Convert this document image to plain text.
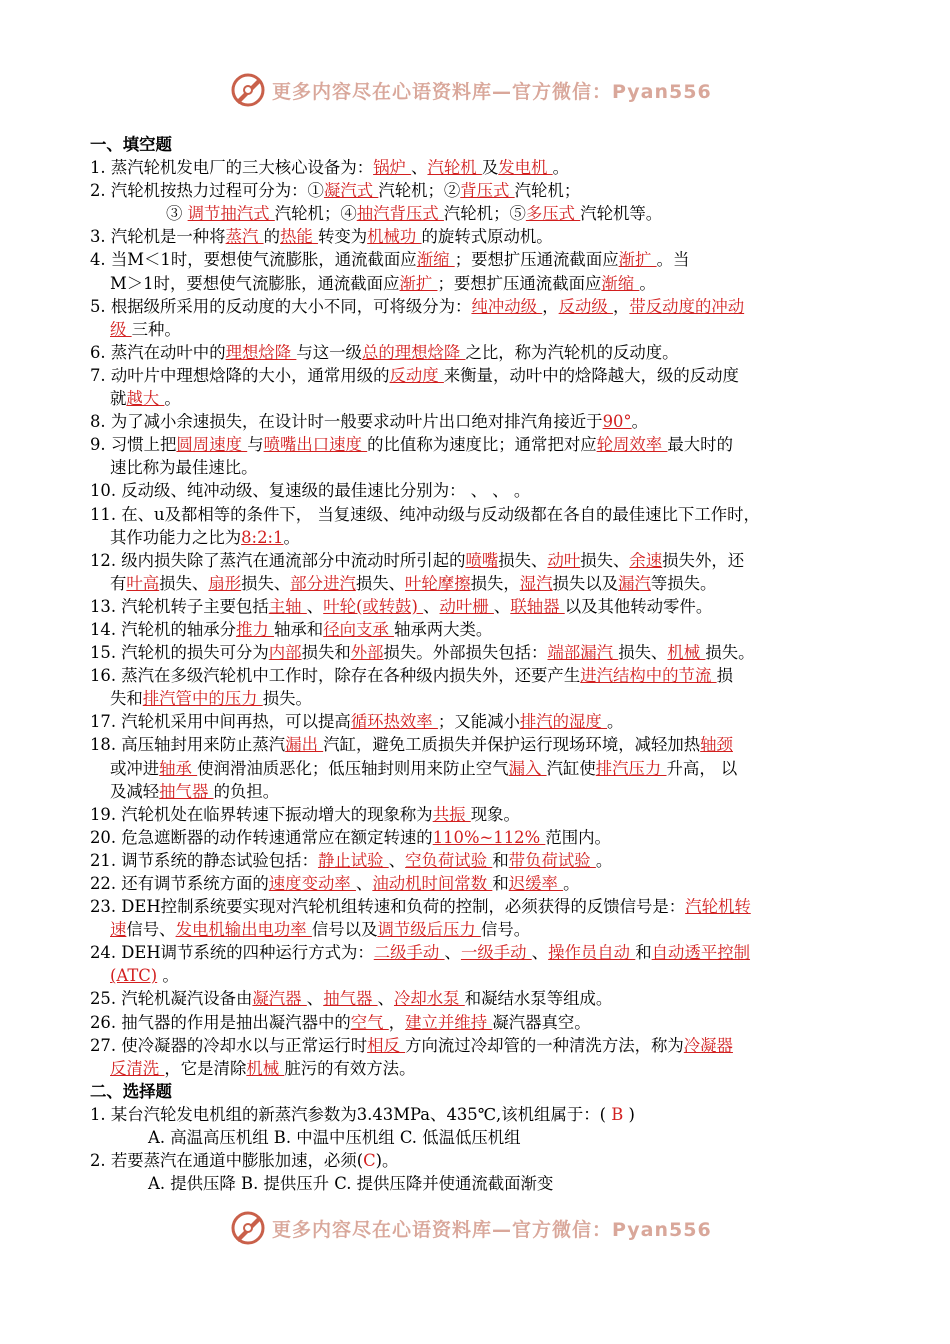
更多内容尽在心语资料库—官方微信：Pyan556
一、填空题
1. 蒸汽轮机发电厂的三大核心设备为：锅炉 、汽轮机 及发电机 。
2. 汽轮机按热力过程可分为：①凝汽式 汽轮机；②背压式 汽轮机；
③ 调节抽汽式 汽轮机；④抽汽背压式 汽轮机；⑤多压式 汽轮机等。
3. 汽轮机是一种将蒸汽 的热能 转变为机械功 的旋转式原动机。
4. 当M＜1时，要想使气流膨胀，通流截面应渐缩 ；要想扩压通流截面应渐扩 。当
M＞1时，要想使气流膨胀，通流截面应渐扩 ；要想扩压通流截面应渐缩 。
5. 根据级所采用的反动度的大小不同，可将级分为：纯冲动级 ，反动级 ，带反动度的冲动
级 三种。
6. 蒸汽在动叶中的理想焓降 与这一级总的理想焓降 之比，称为汽轮机的反动度。
7. 动叶片中理想焓降的大小，通常用级的反动度 来衡量，动叶中的焓降越大，级的反动度
就越大 。
8. 为了减小余速损失，在设计时一般要求动叶片出口绝对排汽角接近于90°。
9. 习惯上把圆周速度 与喷嘴出口速度 的比值称为速度比；通常把对应轮周效率 最大时的
速比称为最佳速比。
10. 反动级、纯冲动级、复速级的最佳速比分别为： 、 、 。
11. 在、u及都相等的条件下， 当复速级、纯冲动级与反动级都在各自的最佳速比下工作时，
其作功能力之比为8:2:1。
12. 级内损失除了蒸汽在通流部分中流动时所引起的喷嘴损失、动叶损失、余速损失外，还
有叶高损失、扇形损失、部分进汽损失、叶轮摩擦损失，湿汽损失以及漏汽等损失。
13. 汽轮机转子主要包括主轴 、叶轮(或转鼓) 、动叶栅 、联轴器 以及其他转动零件。
14. 汽轮机的轴承分推力 轴承和径向支承 轴承两大类。
15. 汽轮机的损失可分为内部损失和外部损失。外部损失包括：端部漏汽 损失、机械 损失。
16. 蒸汽在多级汽轮机中工作时，除存在各种级内损失外，还要产生进汽结构中的节流 损
失和排汽管中的压力 损失。
17. 汽轮机采用中间再热，可以提高循环热效率 ；又能减小排汽的湿度 。
18. 高压轴封用来防止蒸汽漏出 汽缸，避免工质损失并保护运行现场环境，减轻加热轴颈
或冲进轴承 使润滑油质恶化；低压轴封则用来防止空气漏入 汽缸使排汽压力 升高， 以
及减轻抽气器 的负担。
19. 汽轮机处在临界转速下振动增大的现象称为共振 现象。
20. 危急遮断器的动作转速通常应在额定转速的110%~112% 范围内。
21. 调节系统的静态试验包括：静止试验 、空负荷试验 和带负荷试验 。
22. 还有调节系统方面的速度变动率 、油动机时间常数 和迟缓率 。
23. DEH控制系统要实现对汽轮机组转速和负荷的控制，必须获得的反馈信号是：汽轮机转
速信号、发电机输出电功率 信号以及调节级后压力 信号。
24. DEH调节系统的四种运行方式为：二级手动 、一级手动 、操作员自动 和自动透平控制
(ATC) 。
25. 汽轮机凝汽设备由凝汽器 、抽气器 、冷却水泵 和凝结水泵等组成。
26. 抽气器的作用是抽出凝汽器中的空气 ，建立并维持 凝汽器真空。
27. 使冷凝器的冷却水以与正常运行时相反 方向流过冷却管的一种清洗方法，称为冷凝器
反清洗 ，它是清除机械 脏污的有效方法。
二、选择题
1. 某台汽轮发电机组的新蒸汽参数为3.43MPa、435℃,该机组属于：( B )
A. 高温高压机组 B. 中温中压机组 C. 低温低压机组
2. 若要蒸汽在通道中膨胀加速，必须(C)。
A. 提供压降 B. 提供压升 C. 提供压降并使通流截面渐变
更多内容尽在心语资料库—官方微信：Pyan556
